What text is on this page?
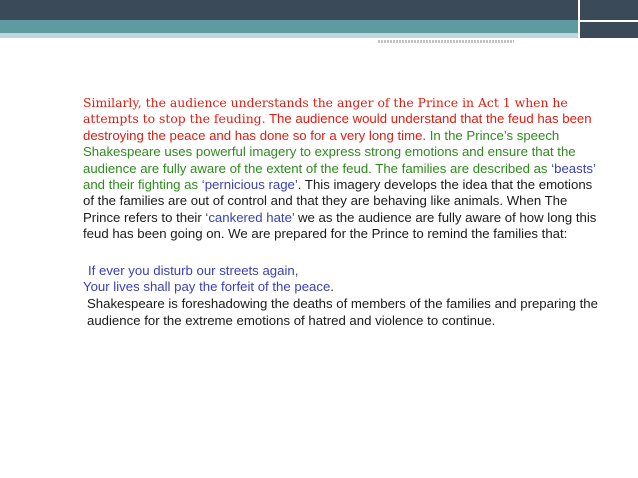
Similarly, the audience understands the anger of the Prince in Act 1 when he attempts to stop the feuding. The audience would understand that the feud has been destroying the peace and has done so for a very long time. In the Prince’s speech Shakespeare uses powerful imagery to express strong emotions and ensure that the audience are fully aware of the extent of the feud. The families are described as ‘beasts’ and their fighting as ‘pernicious rage’. This imagery develops the idea that the emotions of the families are out of control and that they are behaving like animals. When The Prince refers to their ‘cankered hate’ we as the audience are fully aware of how long this feud has been going on. We are prepared for the Prince to remind the families that:

If ever you disturb our streets again,
Your lives shall pay the forfeit of the peace.

Shakespeare is foreshadowing the deaths of members of the families and preparing the audience for the extreme emotions of hatred and violence to continue.
